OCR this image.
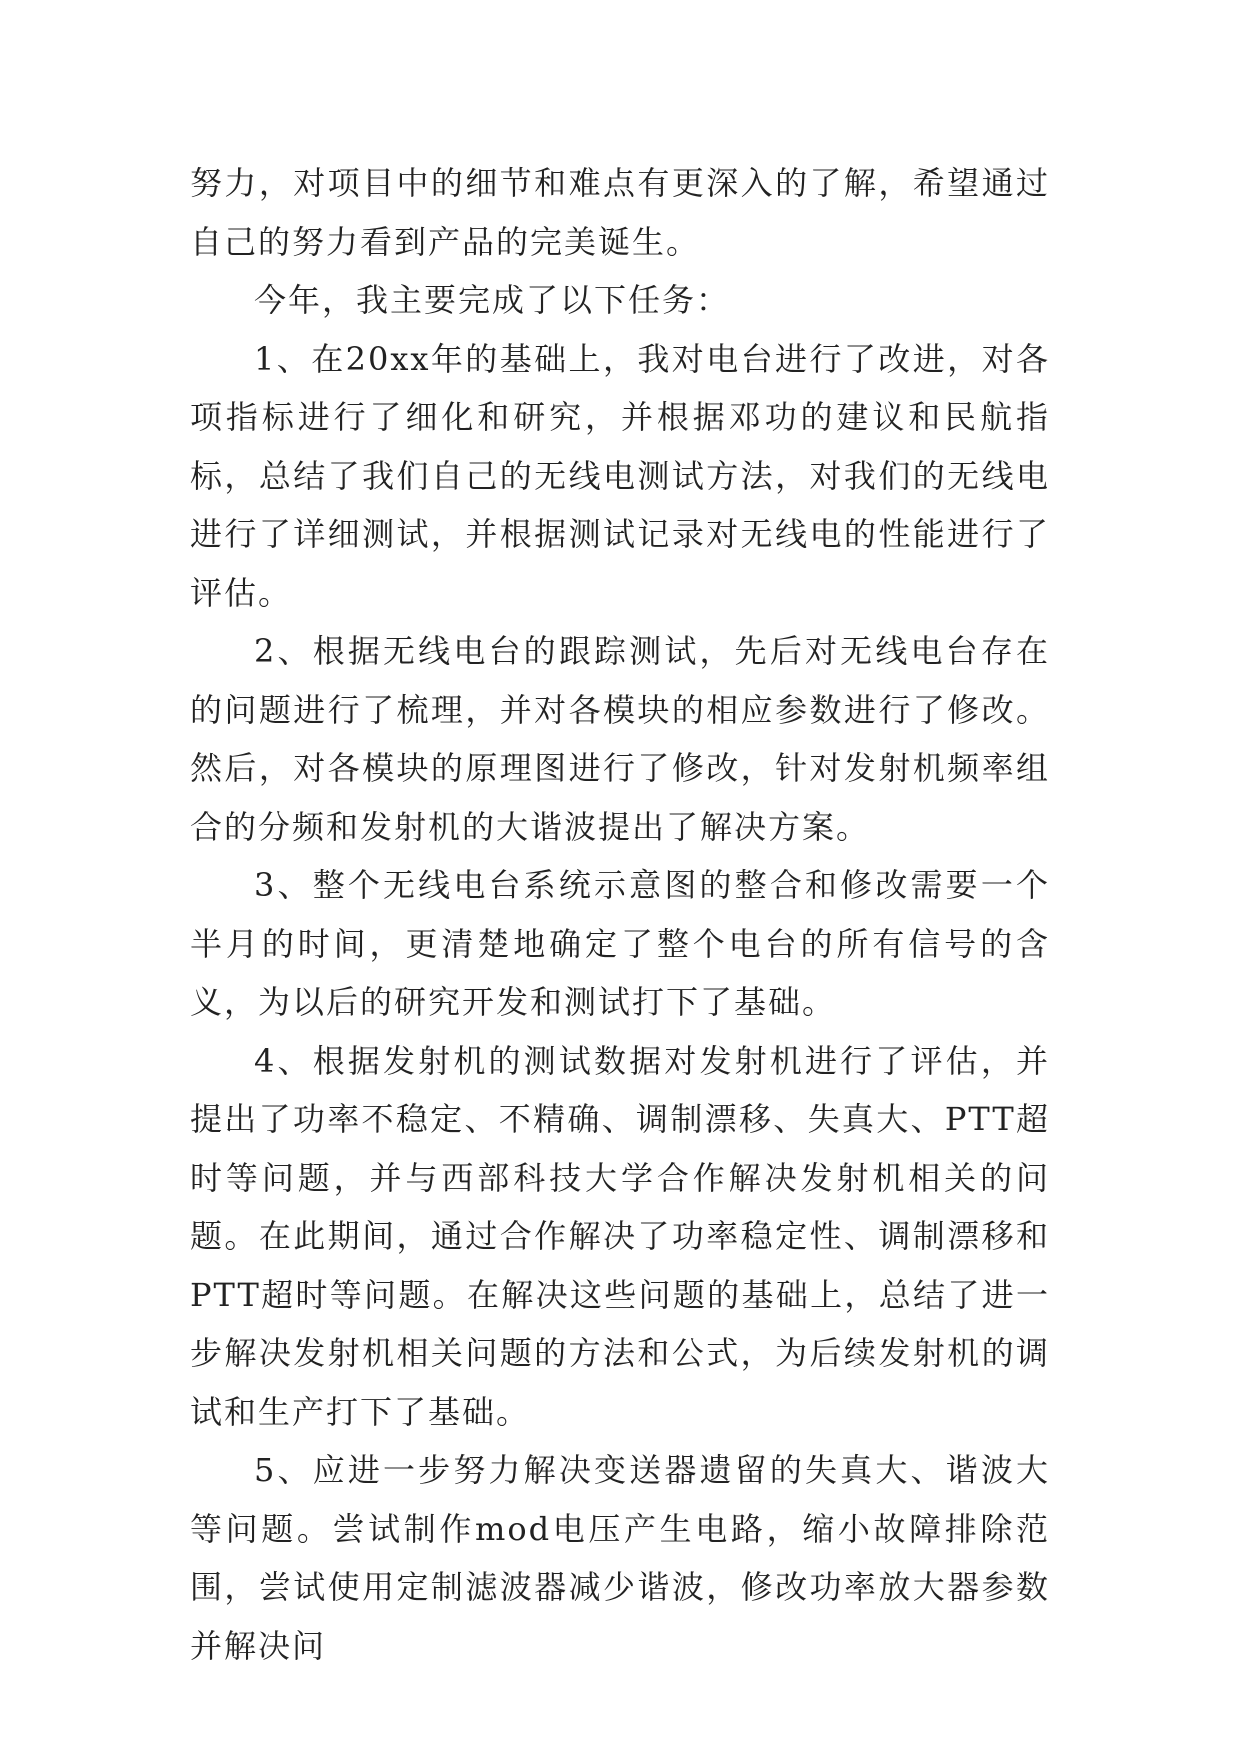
努力，对项目中的细节和难点有更深入的了解，希望通过自己的努力看到产品的完美诞生。

今年，我主要完成了以下任务：

1、在20xx年的基础上，我对电台进行了改进，对各项指标进行了细化和研究，并根据邓功的建议和民航指标，总结了我们自己的无线电测试方法，对我们的无线电进行了详细测试，并根据测试记录对无线电的性能进行了评估。

2、根据无线电台的跟踪测试，先后对无线电台存在的问题进行了梳理，并对各模块的相应参数进行了修改。然后，对各模块的原理图进行了修改，针对发射机频率组合的分频和发射机的大谐波提出了解决方案。

3、整个无线电台系统示意图的整合和修改需要一个半月的时间，更清楚地确定了整个电台的所有信号的含义，为以后的研究开发和测试打下了基础。

4、根据发射机的测试数据对发射机进行了评估，并提出了功率不稳定、不精确、调制漂移、失真大、PTT超时等问题，并与西部科技大学合作解决发射机相关的问题。在此期间，通过合作解决了功率稳定性、调制漂移和PTT超时等问题。在解决这些问题的基础上，总结了进一步解决发射机相关问题的方法和公式，为后续发射机的调试和生产打下了基础。

5、应进一步努力解决变送器遗留的失真大、谐波大等问题。尝试制作mod电压产生电路，缩小故障排除范围，尝试使用定制滤波器减少谐波，修改功率放大器参数并解决问
